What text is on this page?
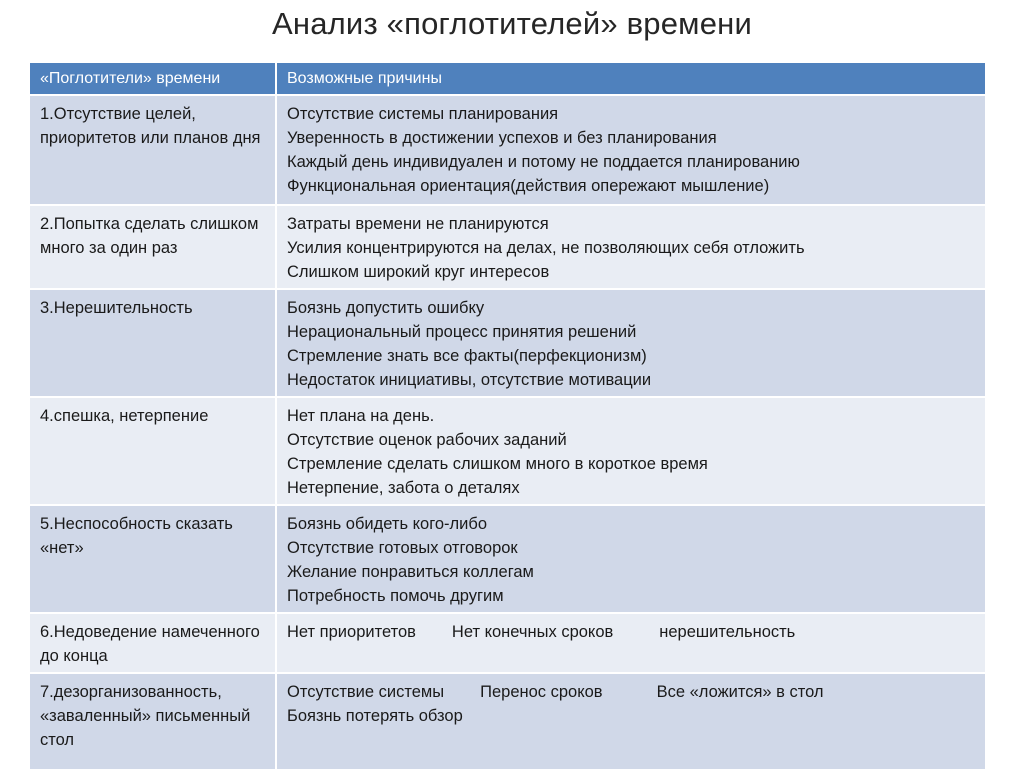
Анализ «поглотителей» времени
«Поглотители» времени	Возможные причины
1.Отсутствие целей, приоритетов или планов дня	Отсутствие системы планирования
Уверенность в достижении успехов и без планирования
Каждый день индивидуален и потому не поддается планированию
Функциональная ориентация(действия опережают мышление)

2.Попытка сделать слишком много за один раз	Затраты времени не планируются
Усилия концентрируются на делах, не позволяющих себя отложить
Слишком широкий круг интересов

3.Нерешительность	Боязнь допустить ошибку
Нерациональный процесс принятия решений
Стремление знать все факты(перфекционизм)
Недостаток инициативы, отсутствие мотивации

4.спешка, нетерпение	Нет плана на день.
Отсутствие оценок рабочих заданий
Стремление сделать слишком много в короткое время
Нетерпение, забота о деталях

5.Неспособность сказать «нет»	Боязнь обидеть кого-либо
Отсутствие готовых отговорок
Желание понравиться коллегам
Потребность помочь другим

6.Недоведение намеченного до конца	Нет приоритетов Нет конечных сроков нерешительность
7.дезорганизованность, «заваленный» письменный стол	Отсутствие системы Перенос сроков Все «ложится» в стол
Боязнь потерять обзор
